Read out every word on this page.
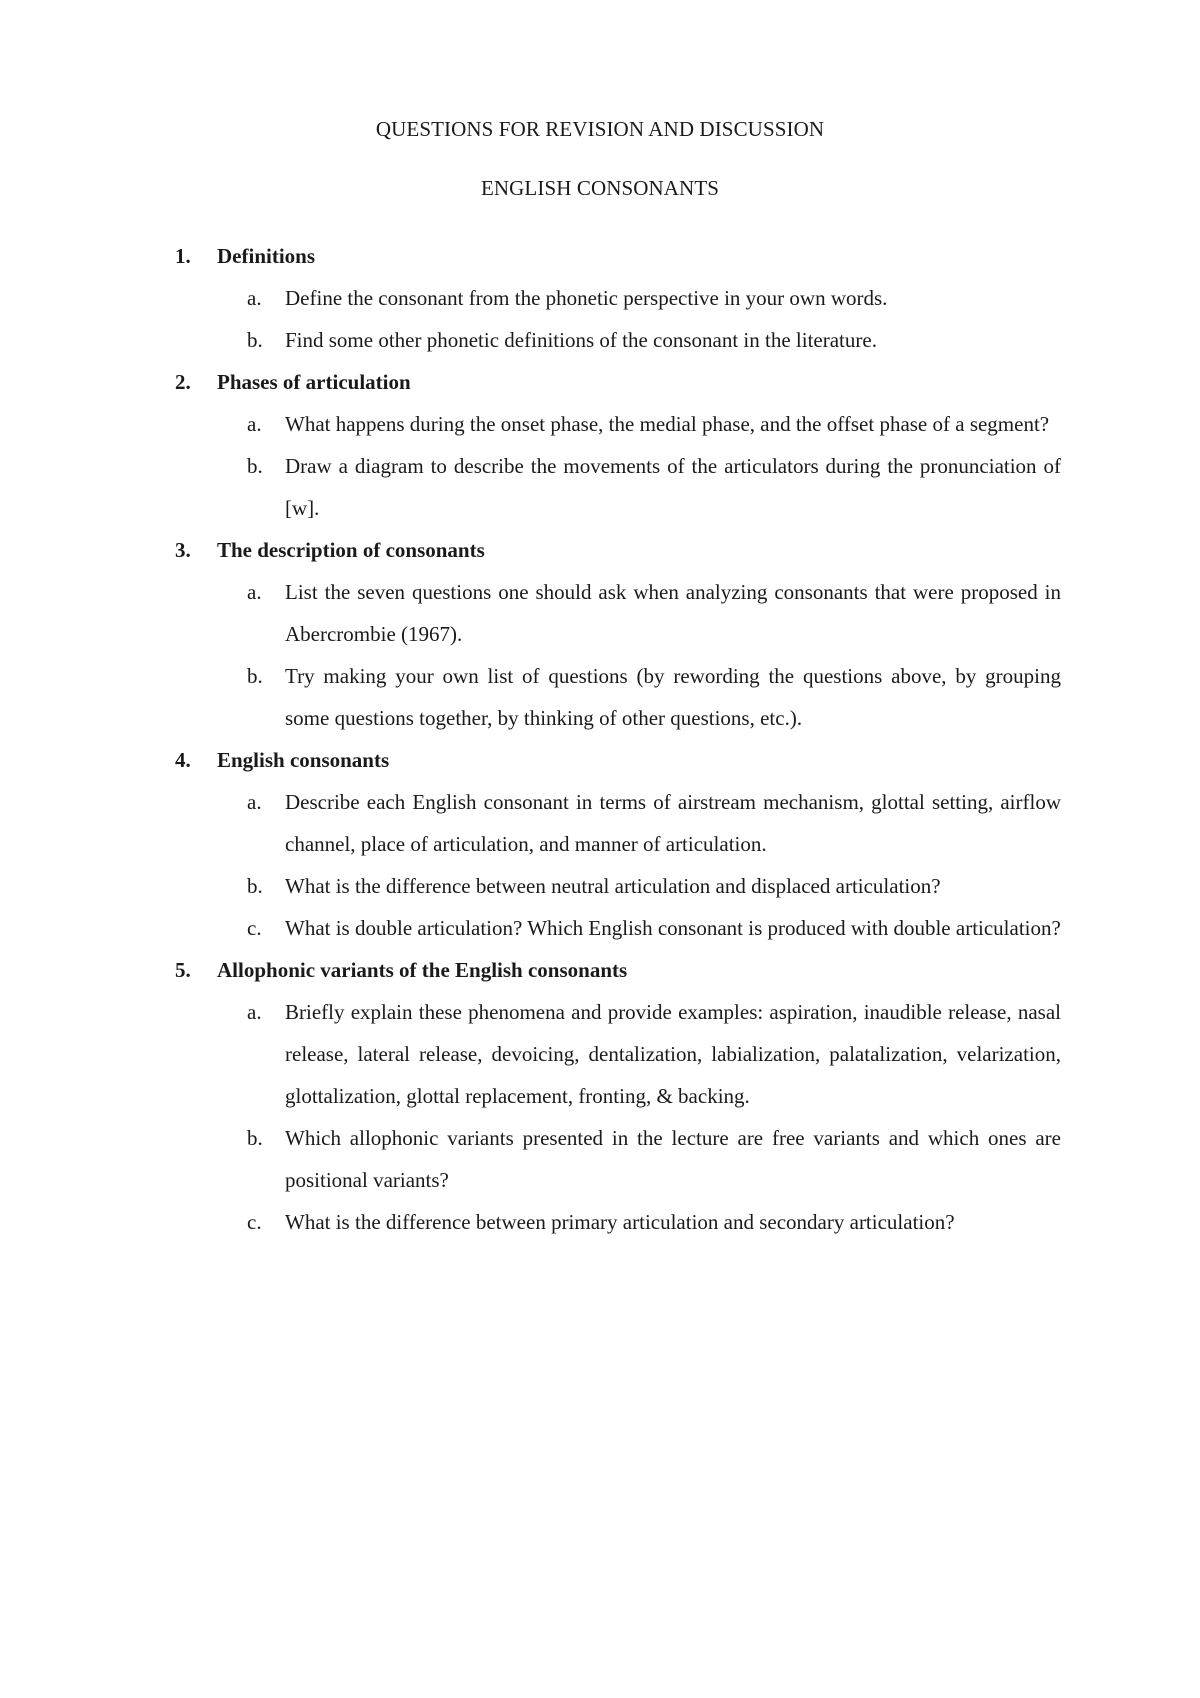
QUESTIONS FOR REVISION AND DISCUSSION
ENGLISH CONSONANTS
1.	Definitions
a.	Define the consonant from the phonetic perspective in your own words.
b.	Find some other phonetic definitions of the consonant in the literature.
2.	Phases of articulation
a.	What happens during the onset phase, the medial phase, and the offset phase of a segment?
b.	Draw a diagram to describe the movements of the articulators during the pronunciation of [w].
3.	The description of consonants
a.	List the seven questions one should ask when analyzing consonants that were proposed in Abercrombie (1967).
b.	Try making your own list of questions (by rewording the questions above, by grouping some questions together, by thinking of other questions, etc.).
4.	English consonants
a.	Describe each English consonant in terms of airstream mechanism, glottal setting, airflow channel, place of articulation, and manner of articulation.
b.	What is the difference between neutral articulation and displaced articulation?
c.	What is double articulation? Which English consonant is produced with double articulation?
5.	Allophonic variants of the English consonants
a.	Briefly explain these phenomena and provide examples: aspiration, inaudible release, nasal release, lateral release, devoicing, dentalization, labialization, palatalization, velarization, glottalization, glottal replacement, fronting, & backing.
b.	Which allophonic variants presented in the lecture are free variants and which ones are positional variants?
c.	What is the difference between primary articulation and secondary articulation?
